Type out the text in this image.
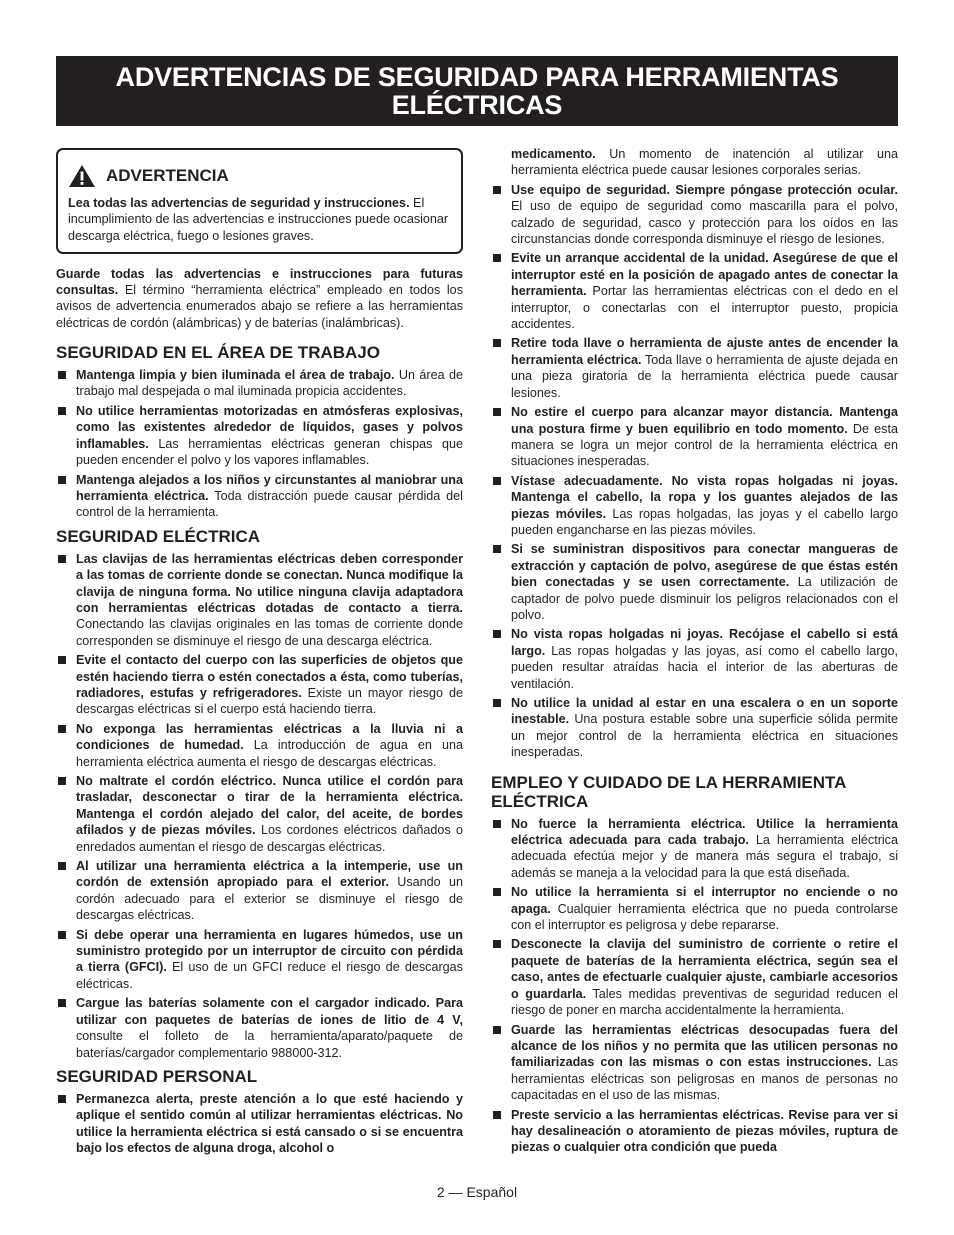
ADVERTENCIAS DE SEGURIDAD PARA HERRAMIENTAS ELÉCTRICAS
ADVERTENCIA

Lea todas las advertencias de seguridad y instrucciones. El incumplimiento de las advertencias e instrucciones puede ocasionar descarga eléctrica, fuego o lesiones graves.

Guarde todas las advertencias e instrucciones para futuras consultas. El término “herramienta eléctrica” empleado en todos los avisos de advertencia enumerados abajo se refiere a las herramientas eléctricas de cordón (alámbricas) y de baterías (inalámbricas).

SEGURIDAD EN EL ÁREA DE TRABAJO
Mantenga limpia y bien iluminada el área de trabajo. Un área de trabajo mal despejada o mal iluminada propicia accidentes.
No utilice herramientas motorizadas en atmósferas explosivas, como las existentes alrededor de líquidos, gases y polvos inflamables. Las herramientas eléctricas generan chispas que pueden encender el polvo y los vapores inflamables.
Mantenga alejados a los niños y circunstantes al maniobrar una herramienta eléctrica. Toda distracción puede causar pérdida del control de la herramienta.
SEGURIDAD ELÉCTRICA
Las clavijas de las herramientas eléctricas deben corresponder a las tomas de corriente donde se conectan. Nunca modifique la clavija de ninguna forma. No utilice ninguna clavija adaptadora con herramientas eléctricas dotadas de contacto a tierra. Conectando las clavijas originales en las tomas de corriente donde corresponden se disminuye el riesgo de una descarga eléctrica.
Evite el contacto del cuerpo con las superficies de objetos que estén haciendo tierra o estén conectados a ésta, como tuberías, radiadores, estufas y refrigeradores. Existe un mayor riesgo de descargas eléctricas si el cuerpo está haciendo tierra.
No exponga las herramientas eléctricas a la lluvia ni a condiciones de humedad. La introducción de agua en una herramienta eléctrica aumenta el riesgo de descargas eléctricas.
No maltrate el cordón eléctrico. Nunca utilice el cordón para trasladar, desconectar o tirar de la herramienta eléctrica. Mantenga el cordón alejado del calor, del aceite, de bordes afilados y de piezas móviles. Los cordones eléctricos dañados o enredados aumentan el riesgo de descargas eléctricas.
Al utilizar una herramienta eléctrica a la intemperie, use un cordón de extensión apropiado para el exterior. Usando un cordón adecuado para el exterior se disminuye el riesgo de descargas eléctricas.
Si debe operar una herramienta en lugares húmedos, use un suministro protegido por un interruptor de circuito con pérdida a tierra (GFCI). El uso de un GFCI reduce el riesgo de descargas eléctricas.
Cargue las baterías solamente con el cargador indicado. Para utilizar con paquetes de baterías de iones de litio de 4 V, consulte el folleto de la herramienta/aparato/paquete de baterías/cargador complementario 988000-312.
SEGURIDAD PERSONAL
Permanezca alerta, preste atención a lo que esté haciendo y aplique el sentido común al utilizar herramientas eléctricas. No utilice la herramienta eléctrica si está cansado o si se encuentra bajo los efectos de alguna droga, alcohol o

medicamento. Un momento de inatención al utilizar una herramienta eléctrica puede causar lesiones corporales serias.

Use equipo de seguridad. Siempre póngase protección ocular. El uso de equipo de seguridad como mascarilla para el polvo, calzado de seguridad, casco y protección para los oídos en las circunstancias donde corresponda disminuye el riesgo de lesiones.
Evite un arranque accidental de la unidad. Asegúrese de que el interruptor esté en la posición de apagado antes de conectar la herramienta. Portar las herramientas eléctricas con el dedo en el interruptor, o conectarlas con el interruptor puesto, propicia accidentes.
Retire toda llave o herramienta de ajuste antes de encender la herramienta eléctrica. Toda llave o herramienta de ajuste dejada en una pieza giratoria de la herramienta eléctrica puede causar lesiones.
No estire el cuerpo para alcanzar mayor distancia. Mantenga una postura firme y buen equilibrio en todo momento. De esta manera se logra un mejor control de la herramienta eléctrica en situaciones inesperadas.
Vístase adecuadamente. No vista ropas holgadas ni joyas. Mantenga el cabello, la ropa y los guantes alejados de las piezas móviles. Las ropas holgadas, las joyas y el cabello largo pueden engancharse en las piezas móviles.
Si se suministran dispositivos para conectar mangueras de extracción y captación de polvo, asegúrese de que éstas estén bien conectadas y se usen correctamente. La utilización de captador de polvo puede disminuir los peligros relacionados con el polvo.
No vista ropas holgadas ni joyas. Recójase el cabello si está largo. Las ropas holgadas y las joyas, así como el cabello largo, pueden resultar atraídas hacia el interior de las aberturas de ventilación.
No utilice la unidad al estar en una escalera o en un soporte inestable. Una postura estable sobre una superficie sólida permite un mejor control de la herramienta eléctrica en situaciones inesperadas.
EMPLEO Y CUIDADO DE LA HERRAMIENTA ELÉCTRICA
No fuerce la herramienta eléctrica. Utilice la herramienta eléctrica adecuada para cada trabajo. La herramienta eléctrica adecuada efectúa mejor y de manera más segura el trabajo, si además se maneja a la velocidad para la que está diseñada.
No utilice la herramienta si el interruptor no enciende o no apaga. Cualquier herramienta eléctrica que no pueda controlarse con el interruptor es peligrosa y debe repararse.
Desconecte la clavija del suministro de corriente o retire el paquete de baterías de la herramienta eléctrica, según sea el caso, antes de efectuarle cualquier ajuste, cambiarle accesorios o guardarla. Tales medidas preventivas de seguridad reducen el riesgo de poner en marcha accidentalmente la herramienta.
Guarde las herramientas eléctricas desocupadas fuera del alcance de los niños y no permita que las utilicen personas no familiarizadas con las mismas o con estas instrucciones. Las herramientas eléctricas son peligrosas en manos de personas no capacitadas en el uso de las mismas.
Preste servicio a las herramientas eléctricas. Revise para ver si hay desalineación o atoramiento de piezas móviles, ruptura de piezas o cualquier otra condición que pueda
2 — Español
